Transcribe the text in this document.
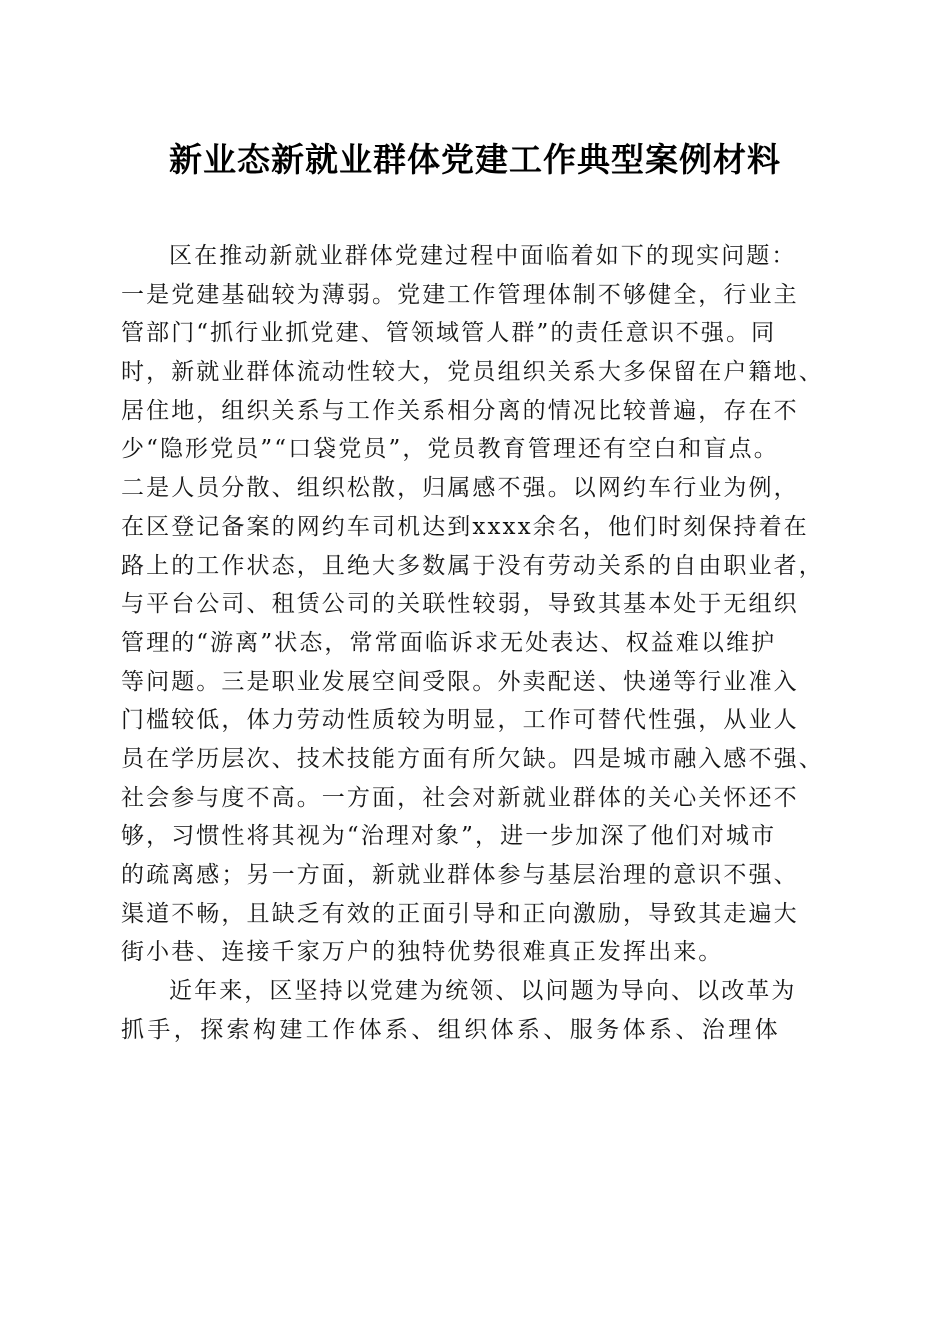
新业态新就业群体党建工作典型案例材料
区在推动新就业群体党建过程中面临着如下的现实问题：
一是党建基础较为薄弱。党建工作管理体制不够健全，行业主
管部门“抓行业抓党建、管领域管人群”的责任意识不强。同
时，新就业群体流动性较大，党员组织关系大多保留在户籍地、
居住地，组织关系与工作关系相分离的情况比较普遍，存在不
少“隐形党员”“口袋党员”，党员教育管理还有空白和盲点。
二是人员分散、组织松散，归属感不强。以网约车行业为例，
在区登记备案的网约车司机达到xxxx余名，他们时刻保持着在
路上的工作状态，且绝大多数属于没有劳动关系的自由职业者，
与平台公司、租赁公司的关联性较弱，导致其基本处于无组织
管理的“游离”状态，常常面临诉求无处表达、权益难以维护
等问题。三是职业发展空间受限。外卖配送、快递等行业准入
门槛较低，体力劳动性质较为明显，工作可替代性强，从业人
员在学历层次、技术技能方面有所欠缺。四是城市融入感不强、
社会参与度不高。一方面，社会对新就业群体的关心关怀还不
够，习惯性将其视为“治理对象”，进一步加深了他们对城市
的疏离感；另一方面，新就业群体参与基层治理的意识不强、
渠道不畅，且缺乏有效的正面引导和正向激励，导致其走遍大
街小巷、连接千家万户的独特优势很难真正发挥出来。
近年来，区坚持以党建为统领、以问题为导向、以改革为
抓手，探索构建工作体系、组织体系、服务体系、治理体
